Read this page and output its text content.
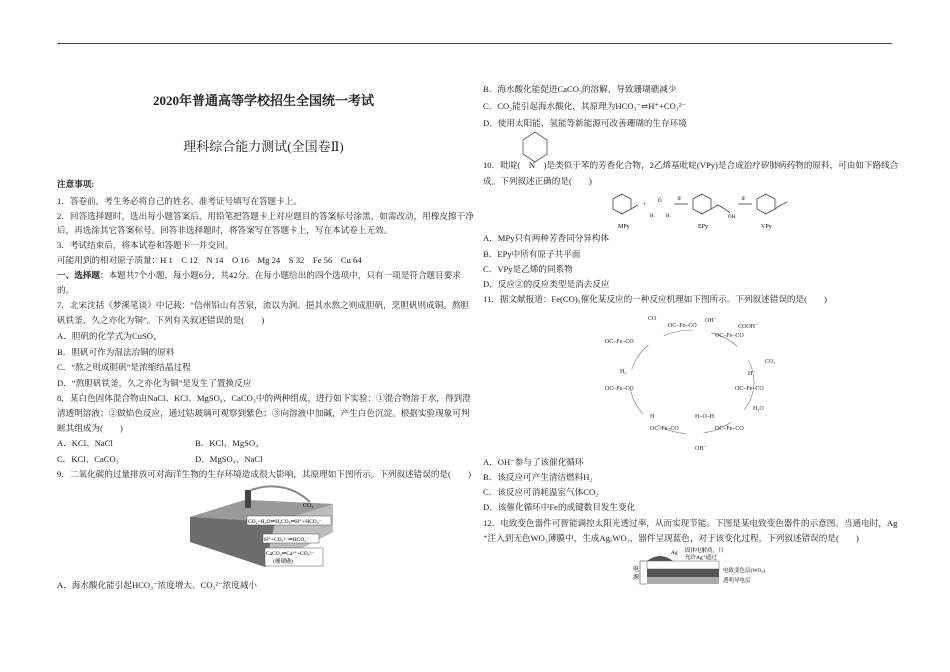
2020年普通高等学校招生全国统一考试
理科综合能力测试(全国卷Ⅱ)
注意事项:
1．答卷前，考生务必将自己的姓名、准考证号填写在答题卡上。
2．回答选择题时，选出每小题答案后，用铅笔把答题卡上对应题目的答案标号涂黑，如需改动，用橡皮擦干净
后，再选涂其它答案标号。回答非选择题时，将答案写在答题卡上，写在本试卷上无效。
3．考试结束后，将本试卷和答题卡一并交回。
可能用到的相对原子质量：H 1　C 12　N 14　O 16　Mg 24　S 32　Fe 56　Cu 64
一、选择题：本题共7个小题，每小题6分，共42分。在每小题给出的四个选项中，只有一项是符合题目要求
的。
7．北宋沈括《梦溪笔谈》中记载：“信州铅山有苦泉，流以为涧。挹其水熬之则成胆矾，烹胆矾则成铜。熬胆
矾铁釜，久之亦化为铜”。下列有关叙述错误的是(　　)
A．胆矾的化学式为CuSO₄
B．胆矾可作为湿法冶铜的原料
C．“熬之则成胆矾”是浓缩结晶过程
D．“熬胆矾铁釜，久之亦化为铜”是发生了置换反应
8．某白色固体混合物由NaCl、KCl、MgSO₄、CaCO₃中的两种组成，进行如下实验：①混合物溶于水，得到澄
清透明溶液；②做焰色反应，通过钴玻璃可观察到紫色；③向溶液中加碱，产生白色沉淀。根据实验现象可判
断其组成为(　　)
A．KCl、NaCl	B．KCl、MgSO₄
C．KCl、CaCO₃	D．MgSO₄、NaCl
9．二氧化碳的过量排放可对海洋生物的生存环境造成很大影响，其原理如下图所示。下列叙述错误的是(　　)
CO₂
CO₂+H₂O⇌H₂CO₃⇌H⁺+HCO₃⁻
H⁺+CO₃²⁻⇌HCO₃⁻
CaCO₃⇌Ca²⁺+CO₃²⁻
(珊瑚礁)
A．海水酸化能引起HCO₃⁻浓度增大、CO₃²⁻浓度减小
B．海水酸化能促进CaCO₃的溶解，导致珊瑚礁减少
C．CO₂能引起海水酸化，其原理为HCO₃⁻⇌H⁺+CO₃²⁻
D．使用太阳能、氢能等新能源可改善珊瑚的生存环境
10．吡啶(　N　)是类似于苯的芳香化合物，2乙烯基吡啶(VPy)是合成治疗矽肺病药物的原料，可由如下路线合
成。下列叙述正确的是(　　)
MPy
+
O
H H
①
OH
EPy
②
VPy
A．MPy只有两种芳香同分异构体
B．EPy中所有原子共平面
C．VPy是乙烯的同系物
D．反应②的反应类型是消去反应
11．据文献报道：Fe(CO)₅催化某反应的一种反应机理如下图所示。下列叙述错误的是(　　)
OC–Fe–CO
OC–Fe–CO
OC–Fe–CO
OC–Fe–CO
OC–Fe–CO
OC–Fe–CO	OC–Fe–CO
CO	OH⁻
COOH⁻
CO₂
H⁻
H₂O
H–O–H
OH⁻
H
H₂
A．OH⁻参与了该催化循环
B．该反应可产生清洁燃料H₂
C．该反应可消耗温室气体CO₂
D．该催化循环中Fe的成键数目发生变化
12．电致变色器件可智能调控太阳光透过率，从而实现节能。下图是某电致变色器件的示意图。当通电时，Ag
⁺注入到无色WO₃薄膜中，生成AgₓWO₃，器件呈现蓝色，对于该变化过程，下列叙述错误的是(　　)
电
源
Ag 固体电解质，只
允许Ag⁺通过
电致变色层(WO₃)
透明导电层
